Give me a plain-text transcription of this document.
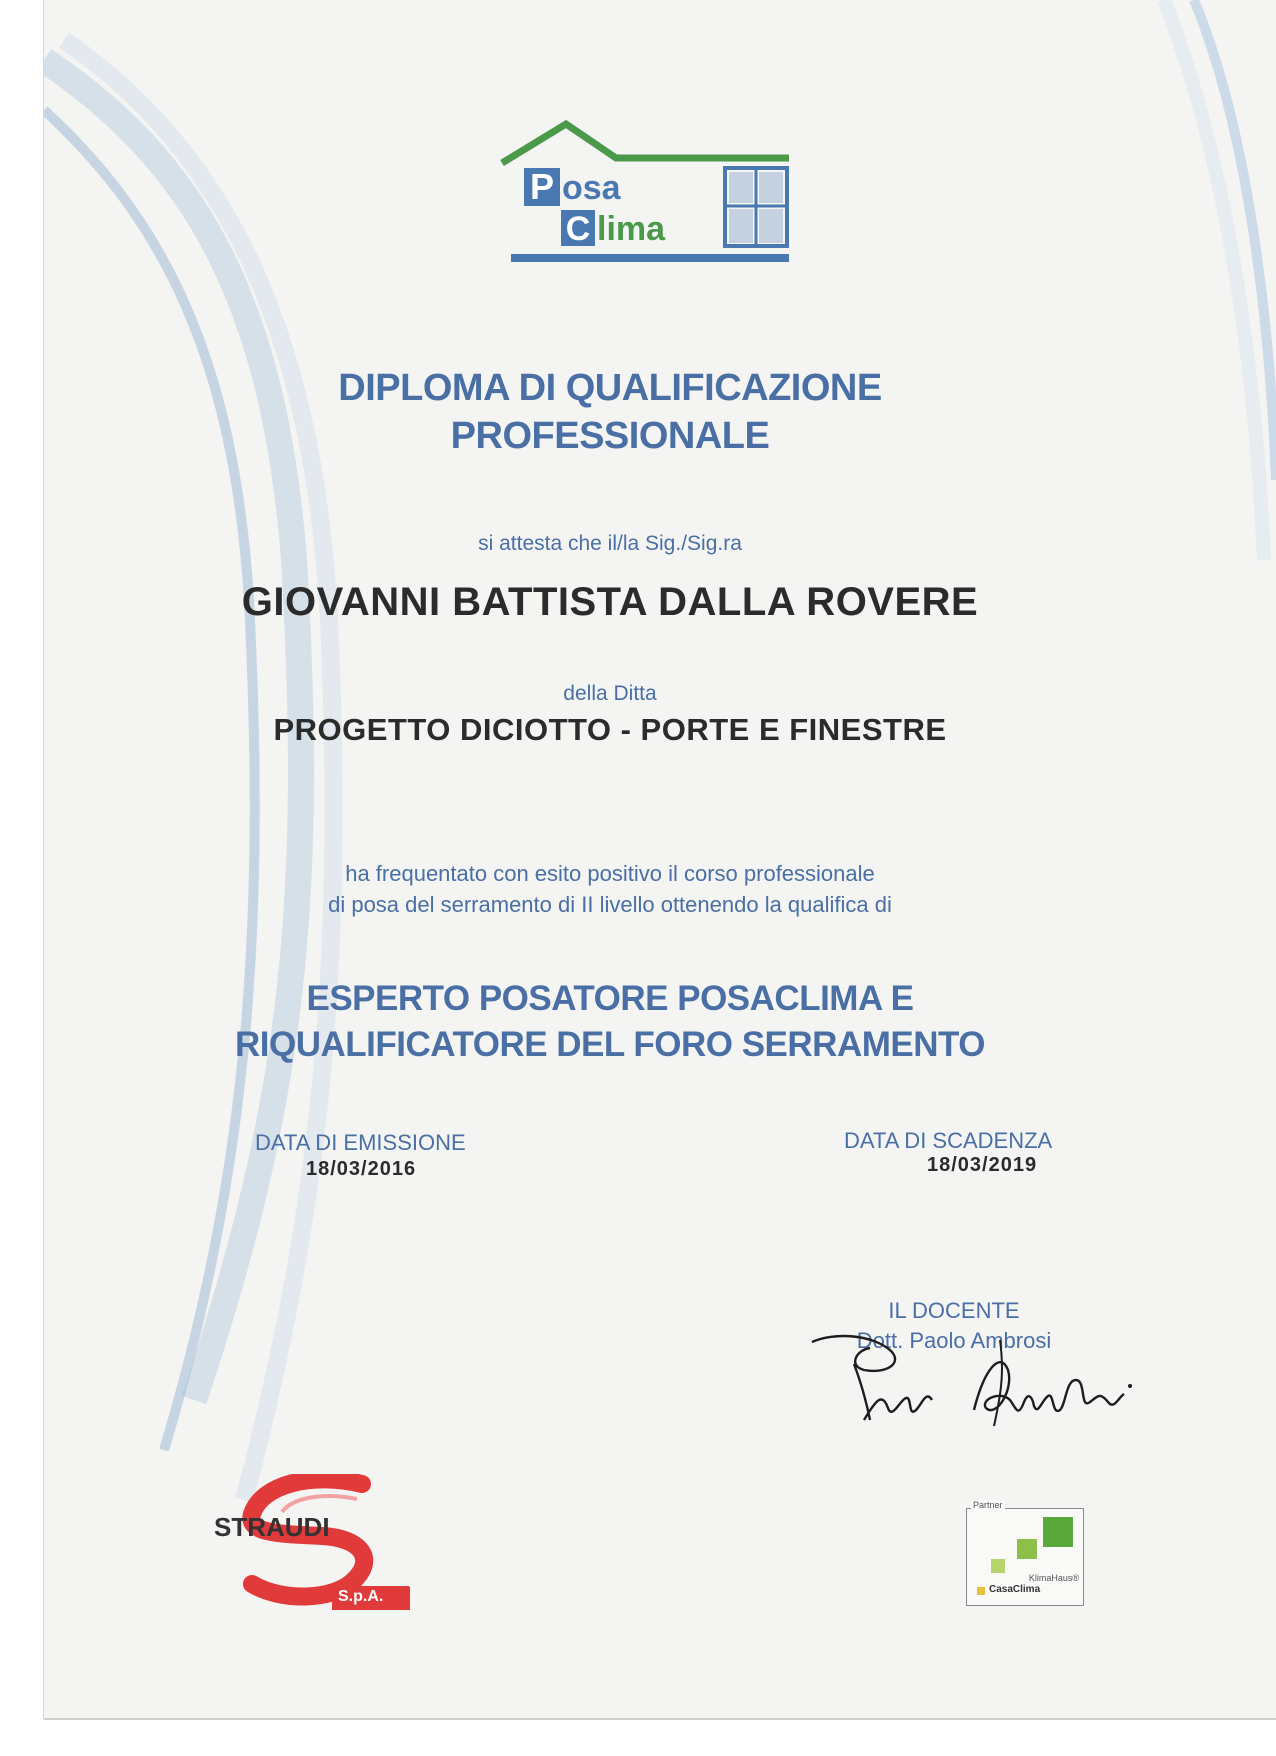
P osa
C lima
DIPLOMA DI QUALIFICAZIONE
PROFESSIONALE
si attesta che il/la Sig./Sig.ra
GIOVANNI BATTISTA DALLA ROVERE
della Ditta
PROGETTO DICIOTTO - PORTE E FINESTRE
ha frequentato con esito positivo il corso professionale
di posa del serramento di II livello ottenendo la qualifica di
ESPERTO POSATORE POSACLIMA E
RIQUALIFICATORE DEL FORO SERRAMENTO
DATA DI EMISSIONE
18/03/2016
DATA DI SCADENZA
18/03/2019
IL DOCENTE
Dott. Paolo Ambrosi
STRAUDI
S.p.A.
Partner
KlimaHaus®
CasaClima
